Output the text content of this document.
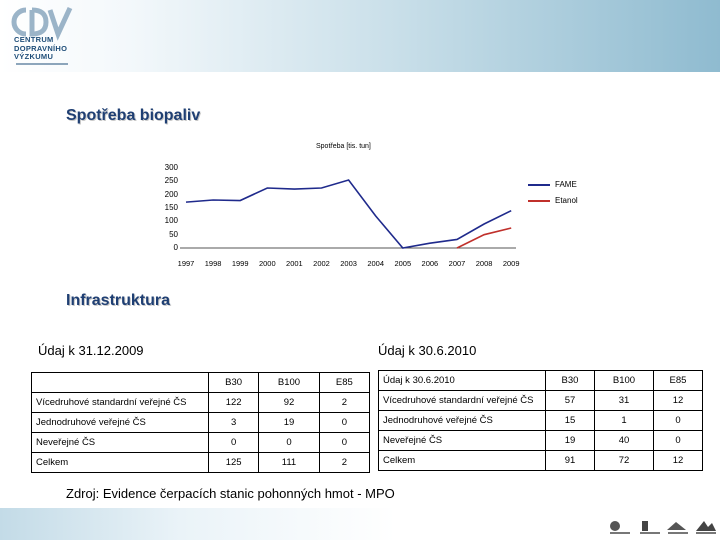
CENTRUM
DOPRAVNÍHO
VÝZKUMU
Spotřeba biopaliv
Spotřeba [tis. tun]
300
250
200
150
100
50
0
1997	1998	1999	2000	2001	2002	2003	2004	2005	2006	2007	2008	2009
FAME
Etanol
Infrastruktura
Údaj k 31.12.2009	Údaj k 30.6.2010
	B30	B100	E85
Vícedruhové standardní veřejné ČS	122	92	2
Jednodruhové veřejné ČS	3	19	0
Neveřejné ČS	0	0	0
Celkem	125	111	2
Údaj k 30.6.2010	B30	B100	E85
Vícedruhové standardní veřejné ČS	57	31	12
Jednodruhové veřejné ČS	15	1	0
Neveřejné ČS	19	40	0
Celkem	91	72	12
Zdroj: Evidence čerpacích stanic pohonných hmot - MPO
